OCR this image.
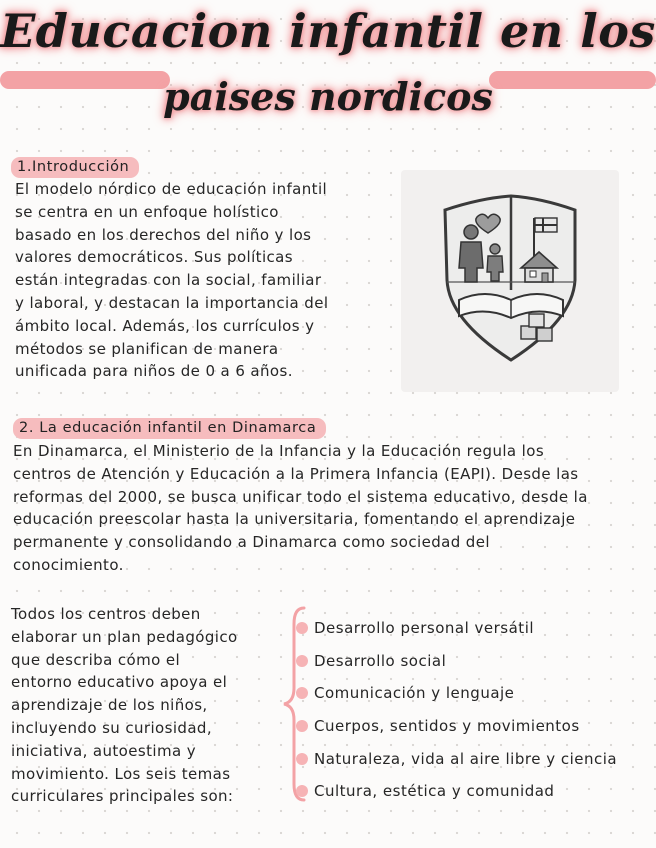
Educacion infantil en los
paises nordicos
1.Introducción
El modelo nórdico de educación infantil
se centra en un enfoque holístico
basado en los derechos del niño y los
valores democráticos. Sus políticas
están integradas con la social, familiar
y laboral, y destacan la importancia del
ámbito local. Además, los currículos y
métodos se planifican de manera
unificada para niños de 0 a 6 años.
2. La educación infantil en Dinamarca
En Dinamarca, el Ministerio de la Infancia y la Educación regula los
centros de Atención y Educación a la Primera Infancia (EAPI). Desde las
reformas del 2000, se busca unificar todo el sistema educativo, desde la
educación preescolar hasta la universitaria, fomentando el aprendizaje
permanente y consolidando a Dinamarca como sociedad del
conocimiento.
Todos los centros deben
elaborar un plan pedagógico
que describa cómo el
entorno educativo apoya el
aprendizaje de los niños,
incluyendo su curiosidad,
iniciativa, autoestima y
movimiento. Los seis temas
curriculares principales son:
Desarrollo personal versátil
Desarrollo social
Comunicación y lenguaje
Cuerpos, sentidos y movimientos
Naturaleza, vida al aire libre y ciencia
Cultura, estética y comunidad
